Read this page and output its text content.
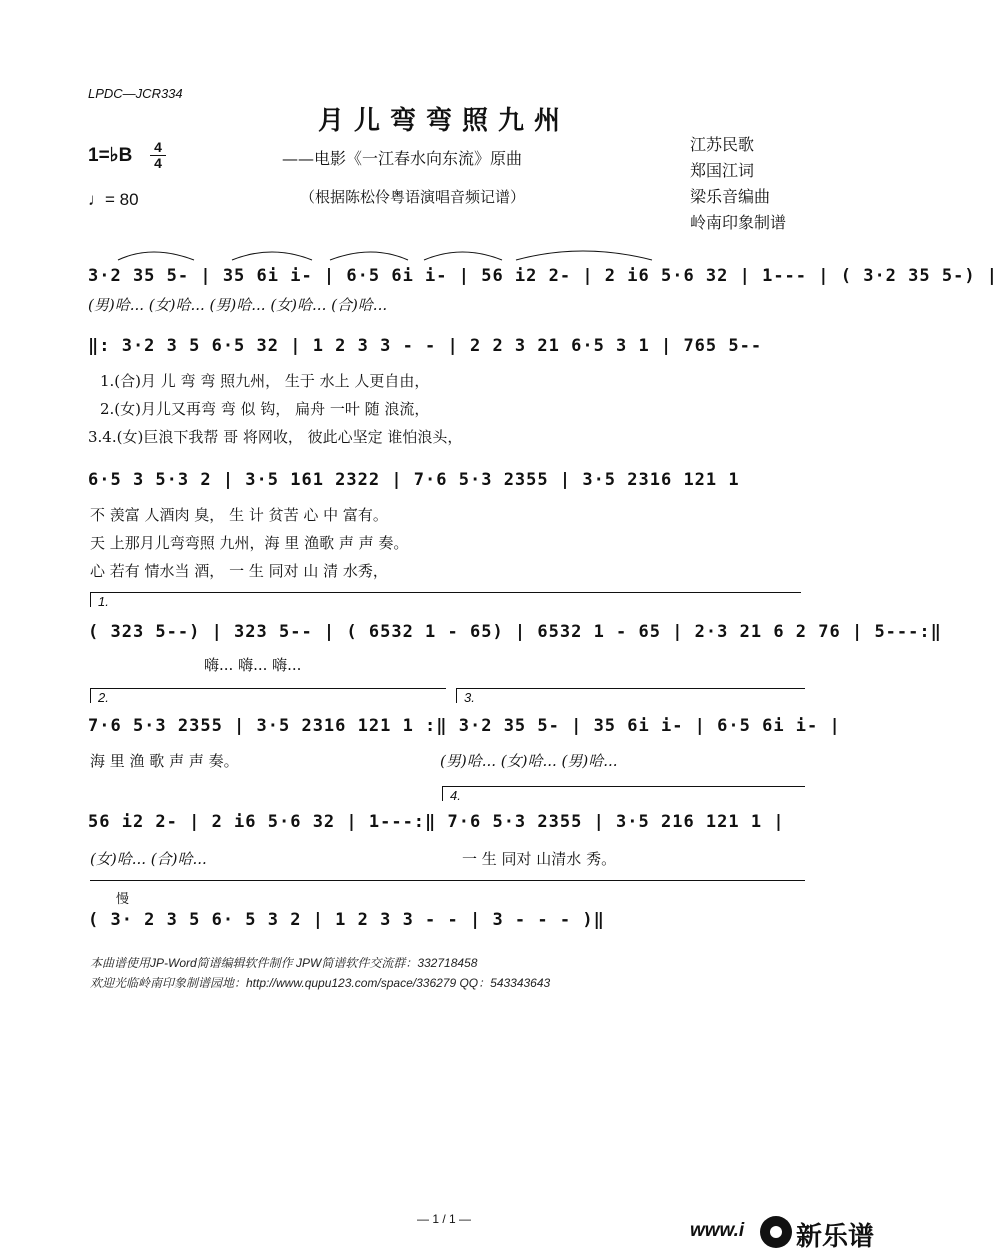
LPDC—JCR334
月儿弯弯照九州
——电影《一江春水向东流》原曲
（根据陈松伶粤语演唱音频记谱）
1=♭B 4
4
♩= 80
江苏民歌
郑国江词
梁乐音编曲
岭南印象制谱
3·2 35 5- | 35 6i i- | 6·5 6i i- | 56 i2 2- | 2 i6 5·6 32 | 1--- | ( 3·2 35 5-) |
(男)哈... (女)哈... (男)哈... (女)哈... (合)哈...
‖: 3·2 3 5 6·5 32 | 1 2 3 3 - - | 2 2 3 21 6·5 3 1 | 765 5--
1.(合)月 儿 弯 弯 照九州， 生于 水上 人更自由，
2.(女)月儿又再弯 弯 似 钩， 扁舟 一叶 随 浪流，
3.4.(女)巨浪下我帮 哥 将网收， 彼此心坚定 谁怕浪头，
6·5 3 5·3 2 | 3·5 161 2322 | 7·6 5·3 2355 | 3·5 2316 121 1
不 羡富 人酒肉 臭， 生 计 贫苦 心 中 富有。
天 上那月儿弯弯照 九州，海 里 渔歌 声 声 奏。
心 若有 情水当 酒， 一 生 同对 山 清 水秀，
1.
( 323 5--) | 323 5-- | ( 6532 1 - 65) | 6532 1 - 65 | 2·3 21 6 2 76 | 5---:‖
嗨... 嗨... 嗨...
2.	3.
7·6 5·3 2355 | 3·5 2316 121 1 :‖ 3·2 35 5- | 35 6i i- | 6·5 6i i- |
海 里 渔 歌 声 声 奏。	(男)哈... (女)哈... (男)哈...
4.
56 i2 2- | 2 i6 5·6 32 | 1---:‖ 7·6 5·3 2355 | 3·5 216 121 1 |
(女)哈... (合)哈...	一 生 同对 山清水 秀。
慢
( 3· 2 3 5 6· 5 3 2 | 1 2 3 3 - - | 3 - - - )‖
本曲谱使用JP-Word简谱编辑软件制作 JPW简谱软件交流群：332718458
欢迎光临岭南印象制谱园地：http://www.qupu123.com/space/336279 QQ：543343643
— 1 / 1 —
www.i 新乐谱
